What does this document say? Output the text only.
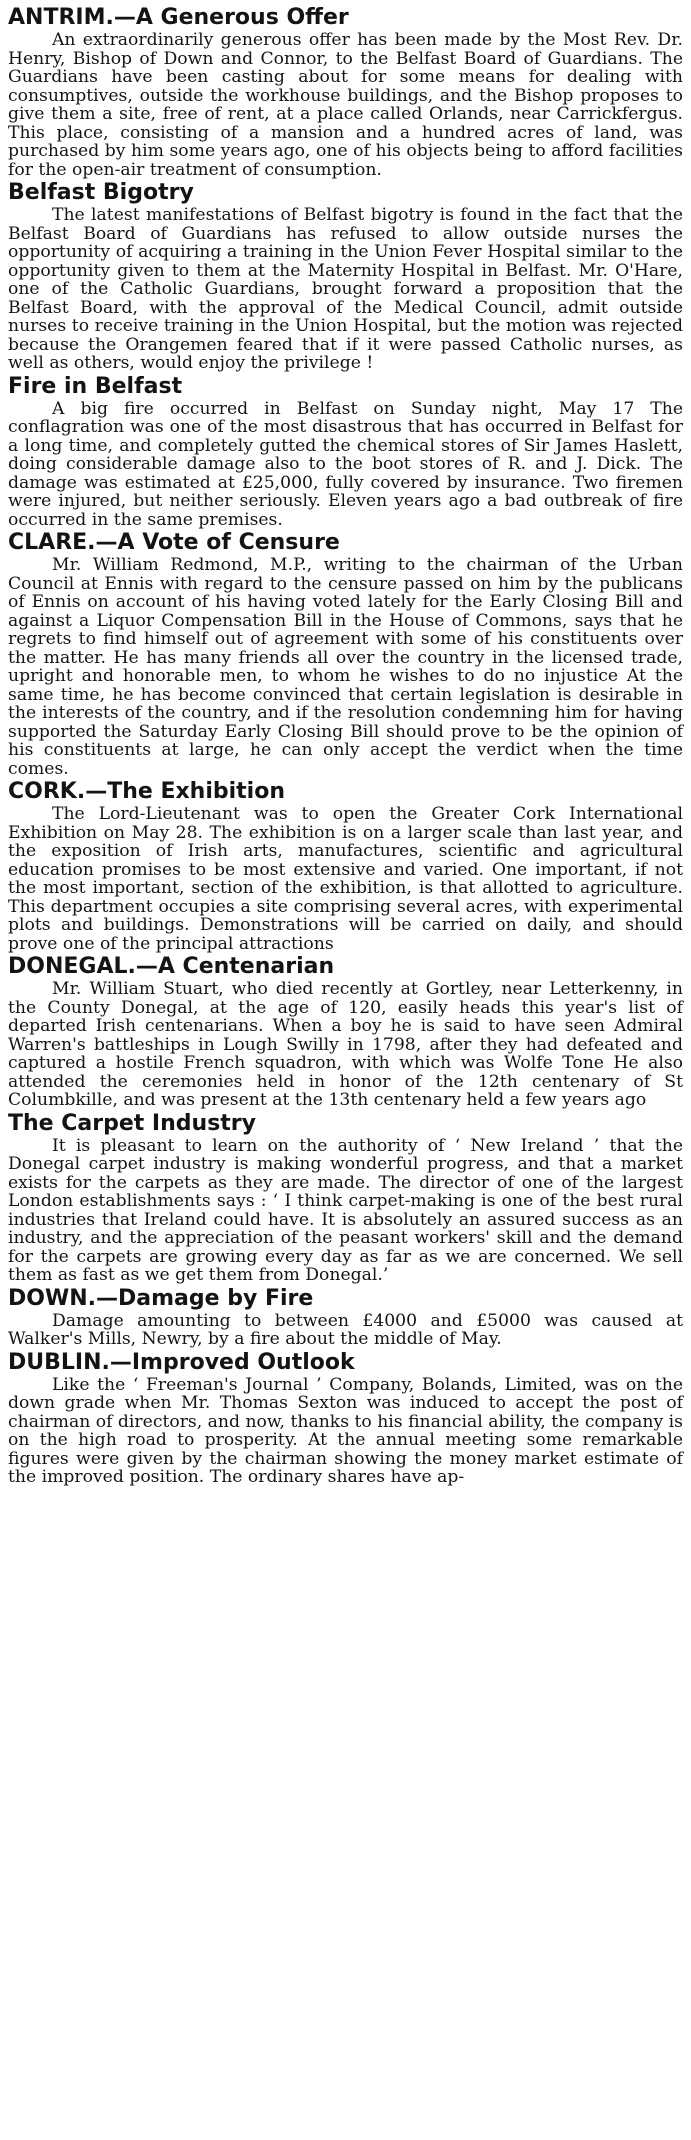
ANTRIM.—A Generous Offer

An extraordinarily generous offer has been made by the Most Rev. Dr. Henry, Bishop of Down and Connor, to the Belfast Board of Guardians. The Guardians have been casting about for some means for dealing with consumptives, outside the workhouse buildings, and the Bishop proposes to give them a site, free of rent, at a place called Orlands, near Carrickfergus. This place, consisting of a mansion and a hundred acres of land, was purchased by him some years ago, one of his objects being to afford facilities for the open-air treatment of consumption.

Belfast Bigotry

The latest manifestations of Belfast bigotry is found in the fact that the Belfast Board of Guardians has refused to allow outside nurses the opportunity of acquiring a training in the Union Fever Hospital similar to the opportunity given to them at the Maternity Hospital in Belfast. Mr. O'Hare, one of the Catholic Guardians, brought forward a proposition that the Belfast Board, with the approval of the Medical Council, admit outside nurses to receive training in the Union Hospital, but the motion was rejected because the Orangemen feared that if it were passed Catholic nurses, as well as others, would enjoy the privilege !

Fire in Belfast

A big fire occurred in Belfast on Sunday night, May 17 The conflagration was one of the most disastrous that has occurred in Belfast for a long time, and completely gutted the chemical stores of Sir James Haslett, doing considerable damage also to the boot stores of R. and J. Dick. The damage was estimated at £25,000, fully covered by insurance. Two firemen were injured, but neither seriously. Eleven years ago a bad outbreak of fire occurred in the same premises.

CLARE.—A Vote of Censure

Mr. William Redmond, M.P., writing to the chairman of the Urban Council at Ennis with regard to the censure passed on him by the publicans of Ennis on account of his having voted lately for the Early Closing Bill and against a Liquor Compensation Bill in the House of Commons, says that he regrets to find himself out of agreement with some of his constituents over the matter. He has many friends all over the country in the licensed trade, upright and honorable men, to whom he wishes to do no injustice At the same time, he has become convinced that certain legislation is desirable in the interests of the country, and if the resolution condemning him for having supported the Saturday Early Closing Bill should prove to be the opinion of his constituents at large, he can only accept the verdict when the time comes.

CORK.—The Exhibition

The Lord-Lieutenant was to open the Greater Cork International Exhibition on May 28. The exhibition is on a larger scale than last year, and the exposition of Irish arts, manufactures, scientific and agricultural education promises to be most extensive and varied. One important, if not the most important, section of the exhibition, is that allotted to agriculture. This department occupies a site comprising several acres, with experimental plots and buildings. Demonstrations will be carried on daily, and should prove one of the principal attractions

DONEGAL.—A Centenarian

Mr. William Stuart, who died recently at Gortley, near Letterkenny, in the County Donegal, at the age of 120, easily heads this year's list of departed Irish centenarians. When a boy he is said to have seen Admiral Warren's battleships in Lough Swilly in 1798, after they had defeated and captured a hostile French squadron, with which was Wolfe Tone He also attended the ceremonies held in honor of the 12th centenary of St Columbkille, and was present at the 13th centenary held a few years ago

The Carpet Industry

It is pleasant to learn on the authority of ‘ New Ireland ’ that the Donegal carpet industry is making wonderful progress, and that a market exists for the carpets as they are made. The director of one of the largest London establishments says : ‘ I think carpet-making is one of the best rural industries that Ireland could have. It is absolutely an assured success as an industry, and the appreciation of the peasant workers' skill and the demand for the carpets are growing every day as far as we are concerned. We sell them as fast as we get them from Donegal.’

DOWN.—Damage by Fire

Damage amounting to between £4000 and £5000 was caused at Walker's Mills, Newry, by a fire about the middle of May.

DUBLIN.—Improved Outlook

Like the ‘ Freeman's Journal ’ Company, Bolands, Limited, was on the down grade when Mr. Thomas Sexton was induced to accept the post of chairman of directors, and now, thanks to his financial ability, the company is on the high road to prosperity. At the annual meeting some remarkable figures were given by the chairman showing the money market estimate of the improved position. The ordinary shares have ap-
